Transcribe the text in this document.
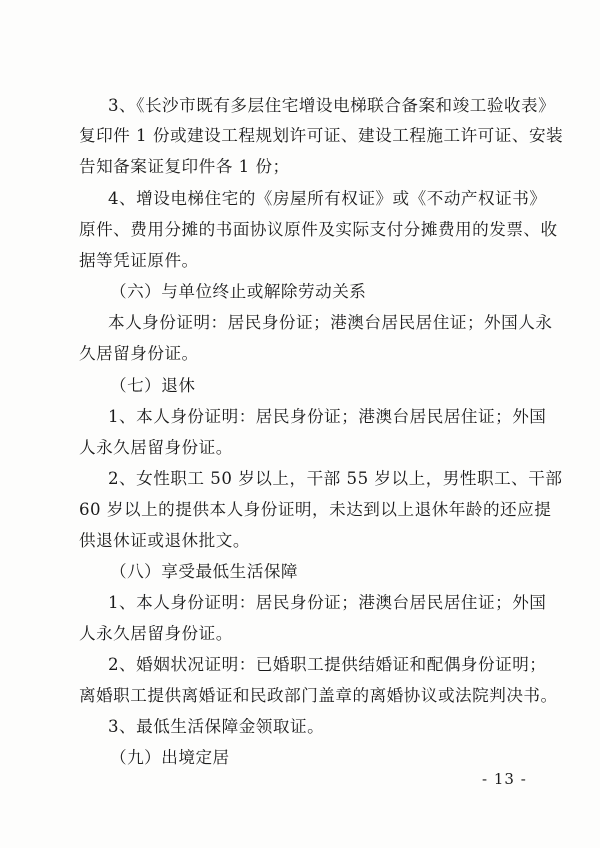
3、《长沙市既有多层住宅增设电梯联合备案和竣工验收表》
复印件 1 份或建设工程规划许可证、建设工程施工许可证、安装
告知备案证复印件各 1 份；
4、增设电梯住宅的《房屋所有权证》或《不动产权证书》
原件、费用分摊的书面协议原件及实际支付分摊费用的发票、收
据等凭证原件。
（六）与单位终止或解除劳动关系
本人身份证明：居民身份证；港澳台居民居住证；外国人永
久居留身份证。
（七）退休
1、本人身份证明：居民身份证；港澳台居民居住证；外国
人永久居留身份证。
2、女性职工 50 岁以上，干部 55 岁以上，男性职工、干部
60 岁以上的提供本人身份证明，未达到以上退休年龄的还应提
供退休证或退休批文。
（八）享受最低生活保障
1、本人身份证明：居民身份证；港澳台居民居住证；外国
人永久居留身份证。
2、婚姻状况证明：已婚职工提供结婚证和配偶身份证明；
离婚职工提供离婚证和民政部门盖章的离婚协议或法院判决书。
3、最低生活保障金领取证。
（九）出境定居
- 13 -
